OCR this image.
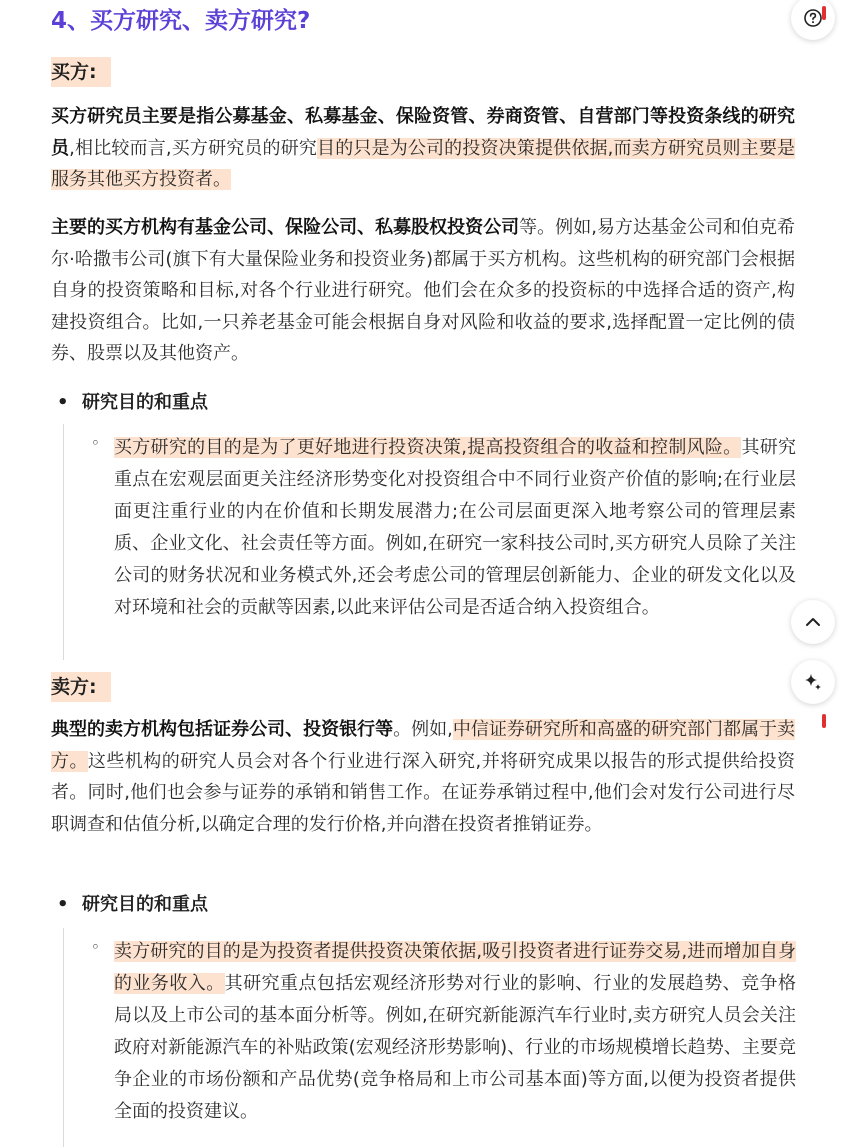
4、买方研究、卖方研究?
买方:

买方研究员主要是指公募基金、私募基金、保险资管、券商资管、自营部门等投资条线的研究员,相比较而言,买方研究员的研究目的只是为公司的投资决策提供依据,而卖方研究员则主要是服务其他买方投资者。

主要的买方机构有基金公司、保险公司、私募股权投资公司等。例如,易方达基金公司和伯克希尔·哈撒韦公司(旗下有大量保险业务和投资业务)都属于买方机构。这些机构的研究部门会根据自身的投资策略和目标,对各个行业进行研究。他们会在众多的投资标的中选择合适的资产,构建投资组合。比如,一只养老基金可能会根据自身对风险和收益的要求,选择配置一定比例的债券、股票以及其他资产。

• 研究目的和重点
◦ 买方研究的目的是为了更好地进行投资决策,提高投资组合的收益和控制风险。其研究重点在宏观层面更关注经济形势变化对投资组合中不同行业资产价值的影响;在行业层面更注重行业的内在价值和长期发展潜力;在公司层面更深入地考察公司的管理层素质、企业文化、社会责任等方面。例如,在研究一家科技公司时,买方研究人员除了关注公司的财务状况和业务模式外,还会考虑公司的管理层创新能力、企业的研发文化以及对环境和社会的贡献等因素,以此来评估公司是否适合纳入投资组合。

卖方:

典型的卖方机构包括证券公司、投资银行等。例如,中信证券研究所和高盛的研究部门都属于卖方。这些机构的研究人员会对各个行业进行深入研究,并将研究成果以报告的形式提供给投资者。同时,他们也会参与证券的承销和销售工作。在证券承销过程中,他们会对发行公司进行尽职调查和估值分析,以确定合理的发行价格,并向潜在投资者推销证券。

• 研究目的和重点
◦ 卖方研究的目的是为投资者提供投资决策依据,吸引投资者进行证券交易,进而增加自身的业务收入。其研究重点包括宏观经济形势对行业的影响、行业的发展趋势、竞争格局以及上市公司的基本面分析等。例如,在研究新能源汽车行业时,卖方研究人员会关注政府对新能源汽车的补贴政策(宏观经济形势影响)、行业的市场规模增长趋势、主要竞争企业的市场份额和产品优势(竞争格局和上市公司基本面)等方面,以便为投资者提供全面的投资建议。
